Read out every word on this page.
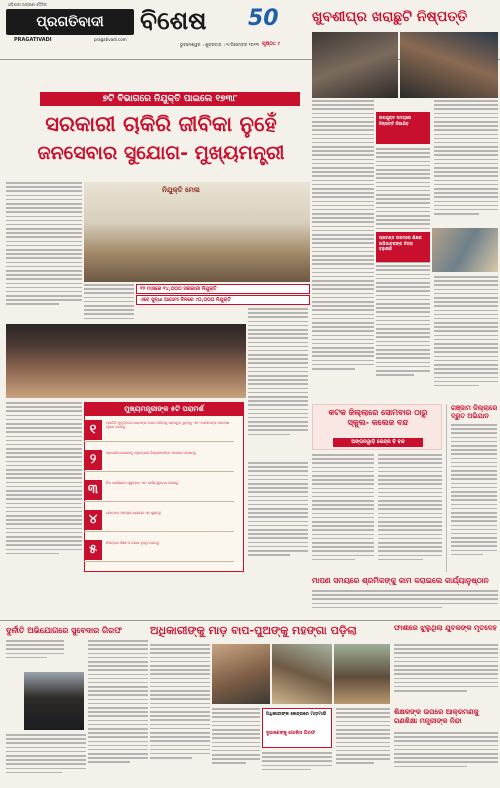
ଓଡ଼ିଶାର ଅଗ୍ରଣୀ ଦୈନିକ
ପ୍ରଗତିବାଦୀ
PRAGATIVADI	pragativadi.com
ବିଶେଷ 50
ଭୁବନେଶ୍ୱର । ଶୁକ୍ରବାର । ୨୯ଡିସେମ୍ବର ୨୦୨୩ ପୃଷ୍ଠା: ୯
ଖୁବଶୀଘ୍ର ଖରାଛୁଟି ନିଷ୍ପତ୍ତି
ଉପଯୁକ୍ତ ସମୟରେ ନିଷ୍ପତ୍ତି ନିଆଯିବ
ପ୍ରଚଣ୍ଡ ଗରମରେ ଶିକ୍ଷକ ଅଭିଭାବକଙ୍କ ଚିନ୍ତା ବଢ଼ାଇଛି
୭ଟି ବିଭାଗରେ ନିଯୁକ୍ତି ପାଇଲେ ୧୭୩୮
ସରକାରୀ ଚାକିରି ଜୀବିକା ନୁହେଁ
ଜନସେବାର ସୁଯୋଗ- ମୁଖ୍ୟମନ୍ତ୍ରୀ
ନିଯୁକ୍ତି ମେଳା
୧୨ ମାସରେ ୧୪,୦୦୦ ସରକାରୀ ନିଯୁକ୍ତି
ଏବେ ସୁଦ୍ଧା ଆଗାମୀ ଦିନରେ ୯୦,୦୦୦ ନିଯୁକ୍ତି
ମୁଖ୍ୟମନ୍ତ୍ରୀଙ୍କ ୫ଟି ପରାମର୍ଶ
୧	ପ୍ରତିଟି ମୁହୂର୍ତ୍ତରେ ଲୋକଙ୍କ ସେବା କରିବାକୁ ପ୍ରସ୍ତୁତ ରୁହନ୍ତୁ ଏବଂ ସେମାନଙ୍କ ଆକାଂକ୍ଷା ପୂରଣ କରନ୍ତୁ
୨	ସରକାରୀ ଯୋଜନାକୁ ପ୍ରତ୍ୟେକ ହିତାଧିକାରୀଙ୍କ ପାଖରେ ପହଞ୍ଚାନ୍ତୁ
୩	ନିଜ କାର୍ଯ୍ୟରେ ସ୍ୱଚ୍ଛତା ଏବଂ ଦାୟିତ୍ୱବୋଧ ରଖନ୍ତୁ
୪	ଲୋକଙ୍କ ସମସ୍ୟା ଧ୍ୟାନର ସହ ଶୁଣନ୍ତୁ
୫	ନିରନ୍ତର ଶିକ୍ଷା ଓ ଦକ୍ଷତା ବୃଦ୍ଧି କରନ୍ତୁ
କଟକ ଜିଲ୍ଲାରେ ସୋମବାର ଠାରୁ ସ୍କୁଲ- କଲେଜ ବନ୍ଦ
ଅଙ୍ଗନୱାଡ଼ି କେନ୍ଦ୍ର ବି ବନ୍ଦ
ଗଞ୍ଜାମ ଜିଲ୍ଲାରେ ଦ୍ରୁତ ଅଭିଯାନ
ମାପଣ ସମୟରେ ଶ୍ରମିକଙ୍କୁ କାମ କରାଇଲେ କାର୍ଯ୍ୟାନୁଷ୍ଠାନ
ଦୁର୍ନୀତି ଅଭିଯୋଗରେ ସୁବେଦାର ଗିରଫ	ଅଧିକାରୀଙ୍କୁ ମାଡ଼ ବାପ-ପୁଅଙ୍କୁ ମହଙ୍ଗା ପଡ଼ିଲା
ଅଧିକାରୀଙ୍କ କେନ୍ଦ୍ରରେ ମାଡ଼ମାରି
ଦୁଇଜଣଙ୍କୁ ପୋଲିସ ଗିରଫ
ଫାଶୀରେ ଝୁଲୁଥିଲା ଯୁବକଙ୍କ ମୃତଦେହ
ଶିକ୍ଷକଙ୍କ ଉପରେ ଆକ୍ରମଣକୁ ଗଣଶିକ୍ଷା ମନ୍ତ୍ରୀଙ୍କ ନିନ୍ଦା
